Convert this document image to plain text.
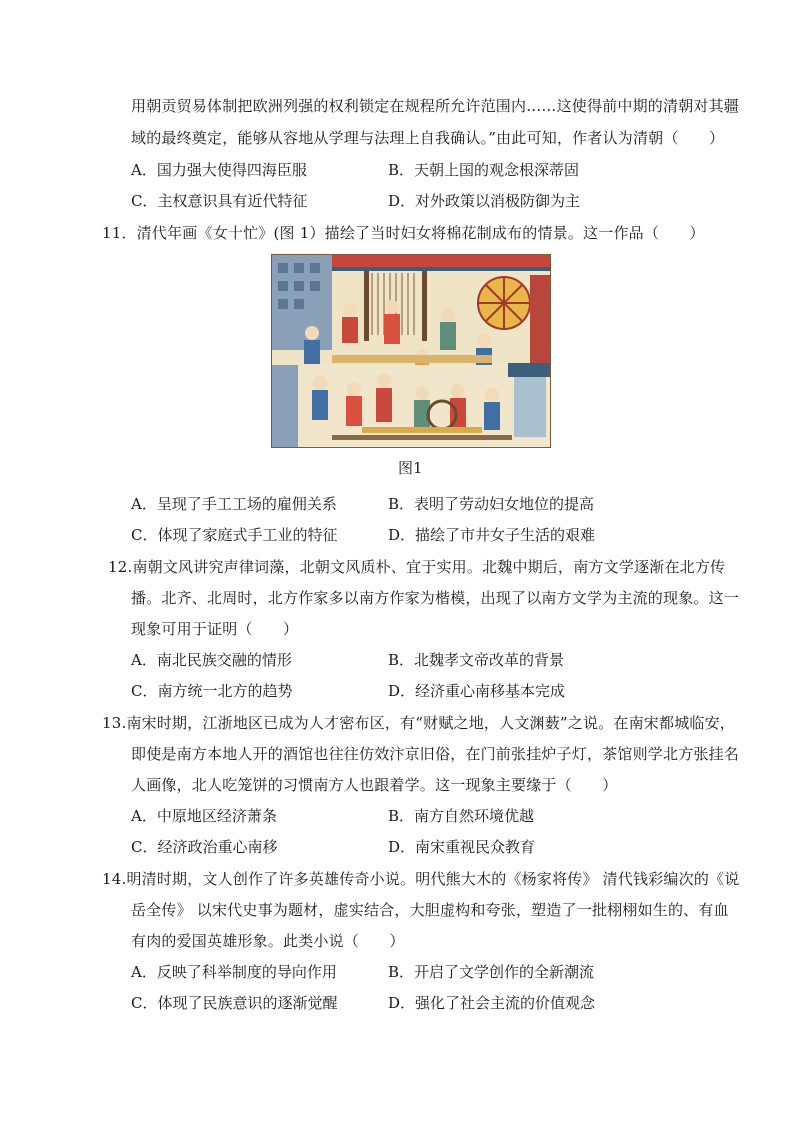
用朝贡贸易体制把欧洲列强的权利锁定在规程所允许范围内……这使得前中期的清朝对其疆
域的最终奠定，能够从容地从学理与法理上自我确认。”由此可知，作者认为清朝（　　）
A．国力强大使得四海臣服	B．天朝上国的观念根深蒂固
C．主权意识具有近代特征	D．对外政策以消极防御为主
11．清代年画《女十忙》(图 1）描绘了当时妇女将棉花制成布的情景。这一作品（　　）
图1
A．呈现了手工工场的雇佣关系	B．表明了劳动妇女地位的提高
C．体现了家庭式手工业的特征	D．描绘了市井女子生活的艰难
12.南朝文风讲究声律词藻，北朝文风质朴、宜于实用。北魏中期后，南方文学逐渐在北方传
播。北齐、北周时，北方作家多以南方作家为楷模，出现了以南方文学为主流的现象。这一
现象可用于证明（　　）
A．南北民族交融的情形	B．北魏孝文帝改革的背景
C．南方统一北方的趋势	D．经济重心南移基本完成
13.南宋时期，江浙地区已成为人才密布区，有“财赋之地，人文渊薮”之说。在南宋都城临安，
即使是南方本地人开的酒馆也往往仿效汴京旧俗，在门前张挂炉子灯，茶馆则学北方张挂名
人画像，北人吃笼饼的习惯南方人也跟着学。这一现象主要缘于（　　）
A．中原地区经济萧条	B．南方自然环境优越
C．经济政治重心南移	D．南宋重视民众教育
14.明清时期，文人创作了许多英雄传奇小说。明代熊大木的《杨家将传》 清代钱彩编次的《说
岳全传》 以宋代史事为题材，虚实结合，大胆虚构和夸张，塑造了一批栩栩如生的、有血
有肉的爱国英雄形象。此类小说（　　）
A．反映了科举制度的导向作用	B．开启了文学创作的全新潮流
C．体现了民族意识的逐渐觉醒	D．强化了社会主流的价值观念
